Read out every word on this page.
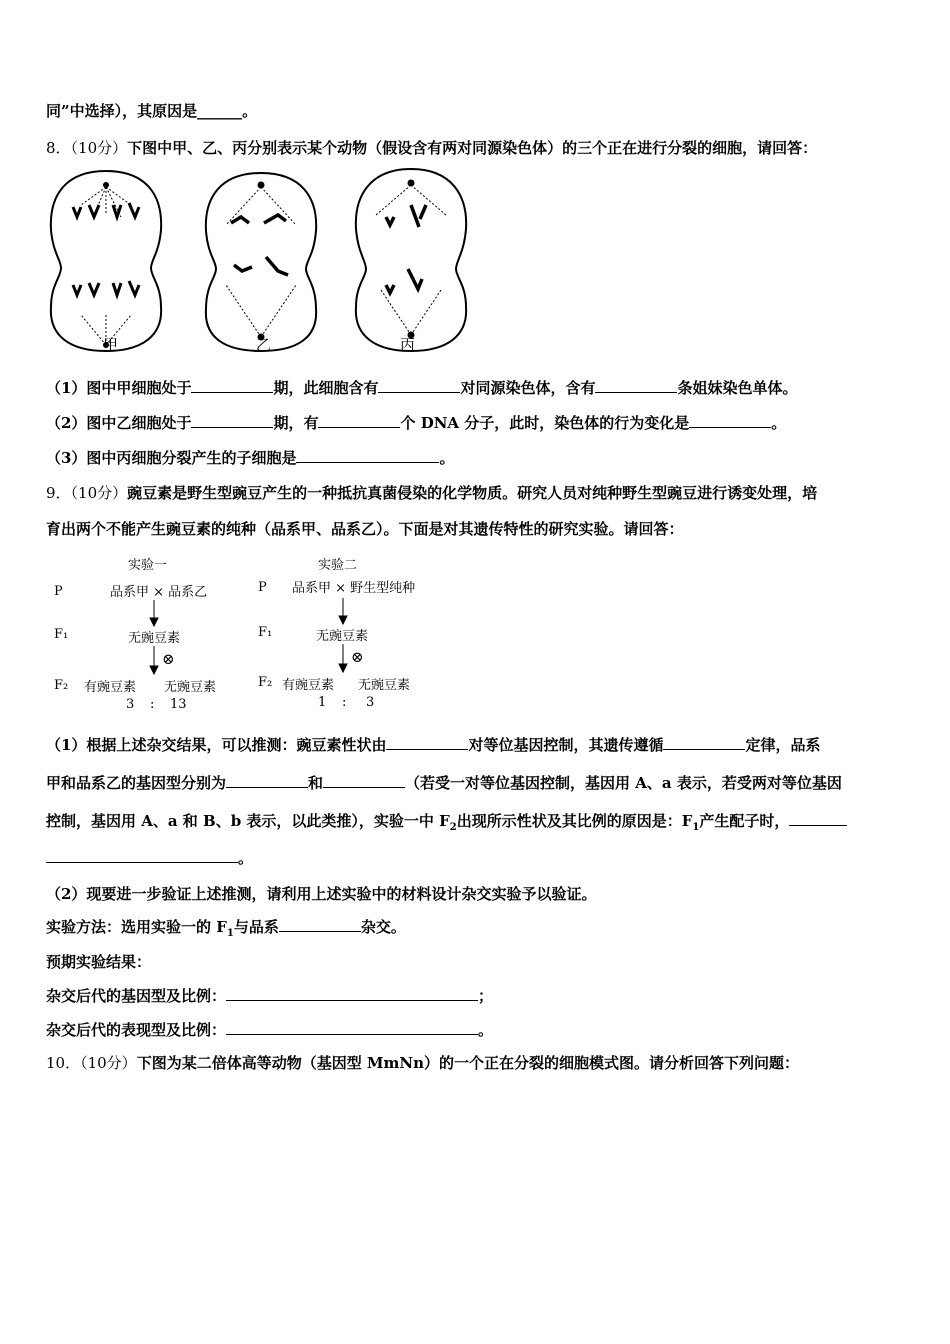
同”中选择），其原因是______。
8．（10分）下图中甲、乙、丙分别表示某个动物（假设含有两对同源染色体）的三个正在进行分裂的细胞，请回答：
甲	乙	丙
（1）图中甲细胞处于	期，此细胞含有	对同源染色体，含有	条姐妹染色单体。
（2）图中乙细胞处于	期，有	个 DNA 分子，此时，染色体的行为变化是	。
（3）图中丙细胞分裂产生的子细胞是	。
9．（10分）豌豆素是野生型豌豆产生的一种抵抗真菌侵染的化学物质。研究人员对纯种野生型豌豆进行诱变处理，培
育出两个不能产生豌豆素的纯种（品系甲、品系乙）。下面是对其遗传特性的研究实验。请回答：
实验一
P	品系甲 × 品系乙
F₁	无豌豆素
⊗
F₂ 有豌豆素 无豌豆素
3 : 13
实验二
P 品系甲 × 野生型纯种
F₁	无豌豆素
⊗
F₂ 有豌豆素 无豌豆素
1 : 3
（1）根据上述杂交结果，可以推测：豌豆素性状由	对等位基因控制，其遗传遵循	定律，品系
甲和品系乙的基因型分别为	和	（若受一对等位基因控制，基因用 A、a 表示，若受两对等位基因
控制，基因用 A、a 和 B、b 表示，以此类推），实验一中 $F_2$出现所示性状及其比例的原因是：$F_1$产生配子时，
。
（2）现要进一步验证上述推测，请利用上述实验中的材料设计杂交实验予以验证。
实验方法：选用实验一的 $F_1$与品系	杂交。
预期实验结果：
杂交后代的基因型及比例：	；
杂交后代的表现型及比例：	。
10．（10分）下图为某二倍体高等动物（基因型 MmNn）的一个正在分裂的细胞模式图。请分析回答下列问题：
